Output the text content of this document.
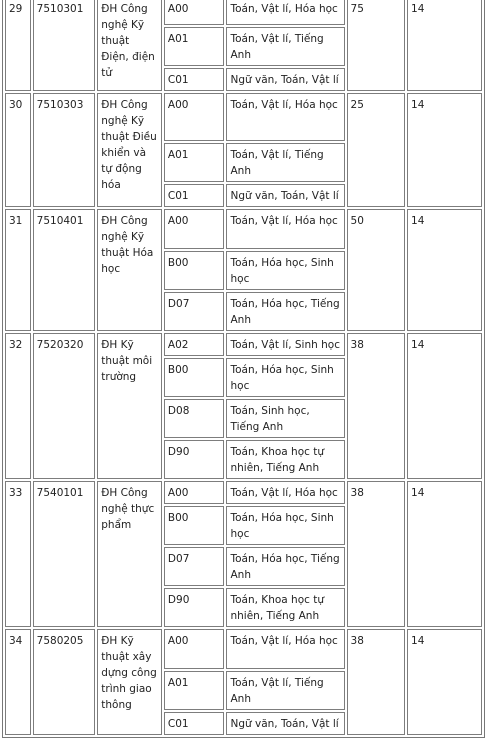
29	7510301	ĐH Công nghệ Kỹ thuật Điện, điện tử	A00	Toán, Vật lí, Hóa học	75	14
			A01	Toán, Vật lí, Tiếng Anh		
			C01	Ngữ văn, Toán, Vật lí		
30	7510303	ĐH Công nghệ Kỹ thuật Điều khiển và tự động hóa	A00	Toán, Vật lí, Hóa học	25	14
			A01	Toán, Vật lí, Tiếng Anh		
			C01	Ngữ văn, Toán, Vật lí		
31	7510401	ĐH Công nghệ Kỹ thuật Hóa học	A00	Toán, Vật lí, Hóa học	50	14
			B00	Toán, Hóa học, Sinh học		
			D07	Toán, Hóa học, Tiếng Anh		
32	7520320	ĐH Kỹ thuật môi trường	A02	Toán, Vật lí, Sinh học	38	14
			B00	Toán, Hóa học, Sinh học		
			D08	Toán, Sinh học, Tiếng Anh		
			D90	Toán, Khoa học tự nhiên, Tiếng Anh		
33	7540101	ĐH Công nghệ thực phẩm	A00	Toán, Vật lí, Hóa học	38	14
			B00	Toán, Hóa học, Sinh học		
			D07	Toán, Hóa học, Tiếng Anh		
			D90	Toán, Khoa học tự nhiên, Tiếng Anh		
34	7580205	ĐH Kỹ thuật xây dựng công trình giao thông	A00	Toán, Vật lí, Hóa học	38	14
			A01	Toán, Vật lí, Tiếng Anh		
			C01	Ngữ văn, Toán, Vật lí		
